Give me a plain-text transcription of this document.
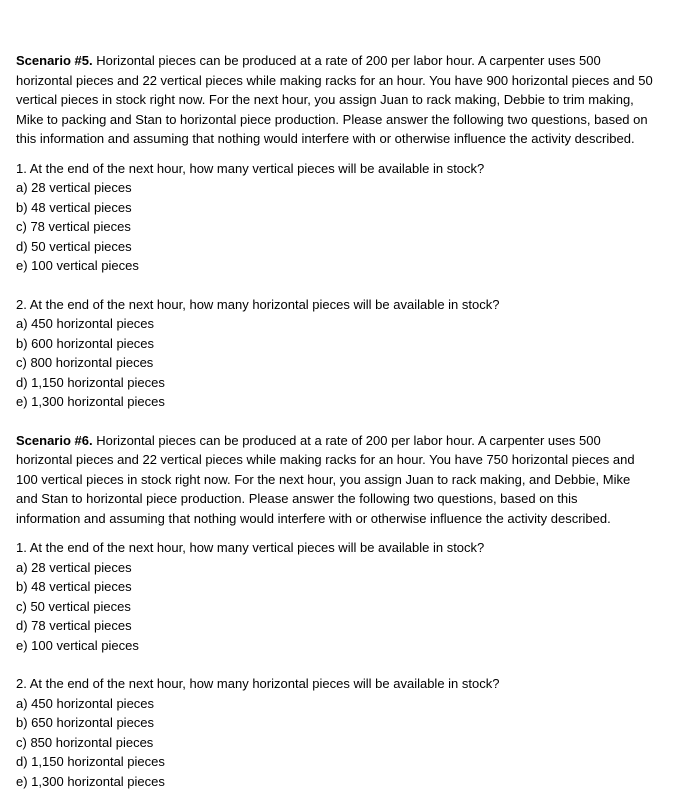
Scenario #5. Horizontal pieces can be produced at a rate of 200 per labor hour. A carpenter uses 500
horizontal pieces and 22 vertical pieces while making racks for an hour. You have 900 horizontal pieces and 50
vertical pieces in stock right now. For the next hour, you assign Juan to rack making, Debbie to trim making,
Mike to packing and Stan to horizontal piece production. Please answer the following two questions, based on
this information and assuming that nothing would interfere with or otherwise influence the activity described.
1. At the end of the next hour, how many vertical pieces will be available in stock?
a) 28 vertical pieces
b) 48 vertical pieces
c) 78 vertical pieces
d) 50 vertical pieces
e) 100 vertical pieces
2. At the end of the next hour, how many horizontal pieces will be available in stock?
a) 450 horizontal pieces
b) 600 horizontal pieces
c) 800 horizontal pieces
d) 1,150 horizontal pieces
e) 1,300 horizontal pieces
Scenario #6. Horizontal pieces can be produced at a rate of 200 per labor hour. A carpenter uses 500
horizontal pieces and 22 vertical pieces while making racks for an hour. You have 750 horizontal pieces and
100 vertical pieces in stock right now. For the next hour, you assign Juan to rack making, and Debbie, Mike
and Stan to horizontal piece production. Please answer the following two questions, based on this
information and assuming that nothing would interfere with or otherwise influence the activity described.
1. At the end of the next hour, how many vertical pieces will be available in stock?
a) 28 vertical pieces
b) 48 vertical pieces
c) 50 vertical pieces
d) 78 vertical pieces
e) 100 vertical pieces
2. At the end of the next hour, how many horizontal pieces will be available in stock?
a) 450 horizontal pieces
b) 650 horizontal pieces
c) 850 horizontal pieces
d) 1,150 horizontal pieces
e) 1,300 horizontal pieces
